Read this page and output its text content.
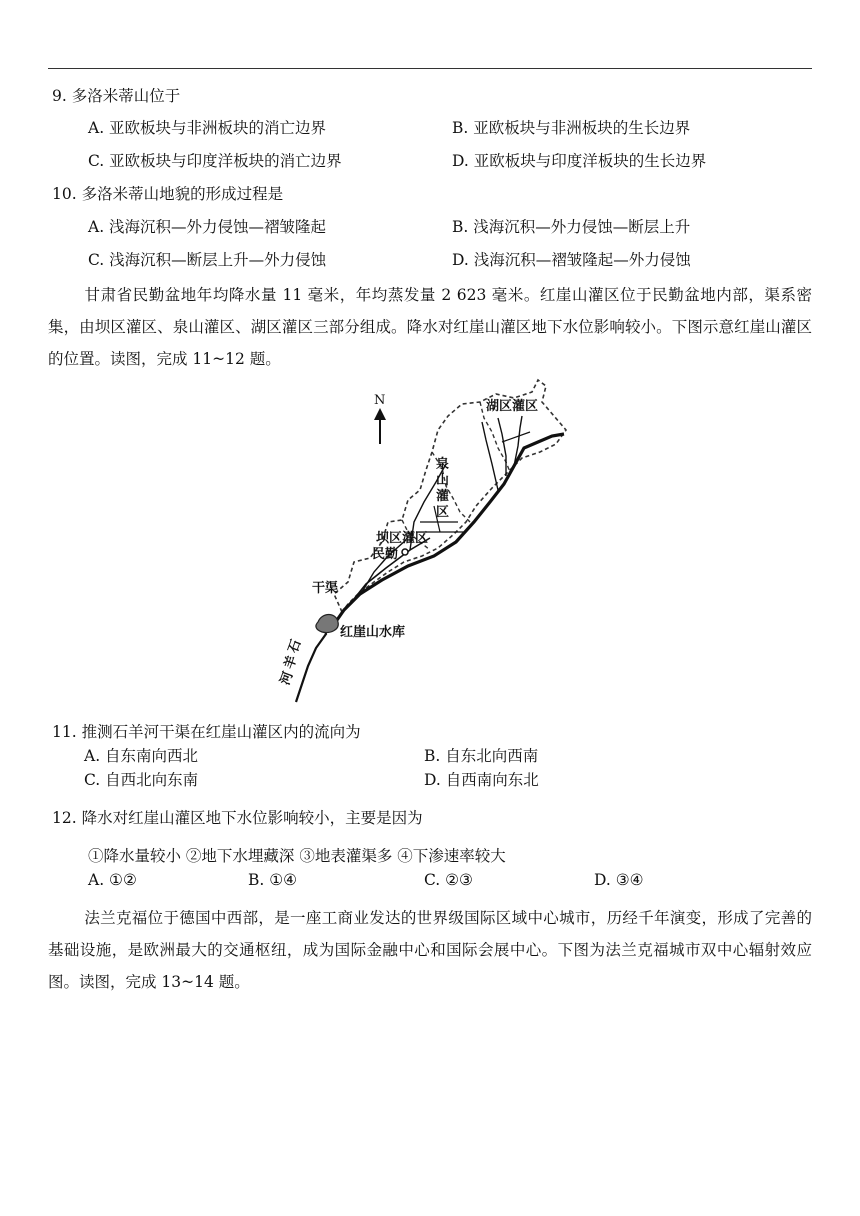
9. 多洛米蒂山位于
A. 亚欧板块与非洲板块的消亡边界	B. 亚欧板块与非洲板块的生长边界
C. 亚欧板块与印度洋板块的消亡边界	D. 亚欧板块与印度洋板块的生长边界
10. 多洛米蒂山地貌的形成过程是
A. 浅海沉积—外力侵蚀—褶皱隆起	B. 浅海沉积—外力侵蚀—断层上升
C. 浅海沉积—断层上升—外力侵蚀	D. 浅海沉积—褶皱隆起—外力侵蚀
甘肃省民勤盆地年均降水量 11 毫米，年均蒸发量 2 623 毫米。红崖山灌区位于民勤盆地内部，渠系密集，由坝区灌区、泉山灌区、湖区灌区三部分组成。降水对红崖山灌区地下水位影响较小。下图示意红崖山灌区的位置。读图，完成 11~12 题。
N	湖区灌区
泉
山
灌
区
坝区灌区
民勤
干渠
红崖山水库
石
羊
河
11. 推测石羊河干渠在红崖山灌区内的流向为
A. 自东南向西北	B. 自东北向西南
C. 自西北向东南	D. 自西南向东北
12. 降水对红崖山灌区地下水位影响较小，主要是因为
①降水量较小 ②地下水埋藏深 ③地表灌渠多 ④下渗速率较大
A. ①②	B. ①④	C. ②③	D. ③④
法兰克福位于德国中西部，是一座工商业发达的世界级国际区域中心城市，历经千年演变，形成了完善的基础设施，是欧洲最大的交通枢纽，成为国际金融中心和国际会展中心。下图为法兰克福城市双中心辐射效应图。读图，完成 13~14 题。
